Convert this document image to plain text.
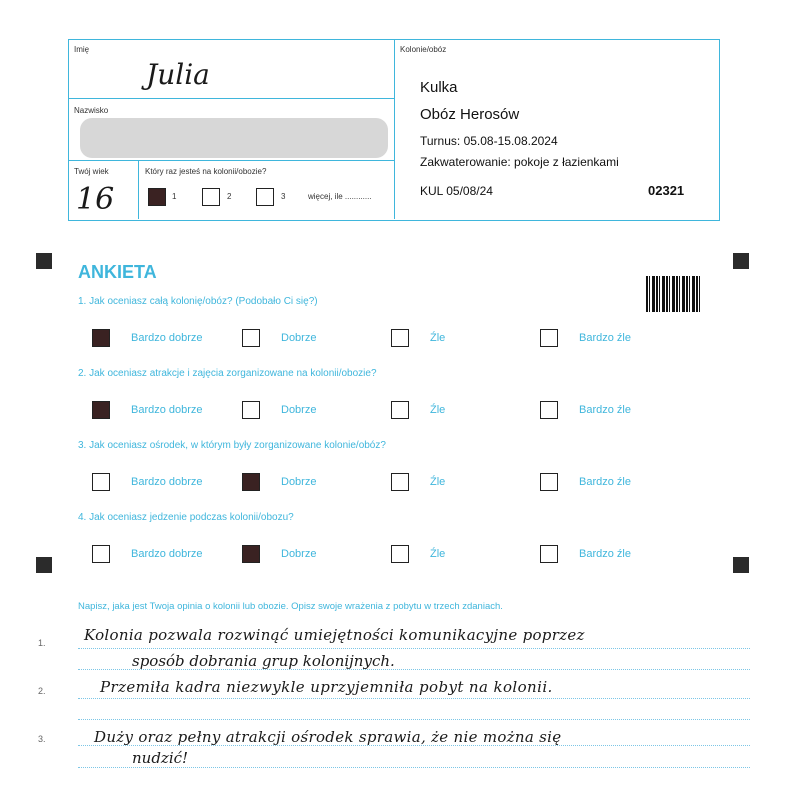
Imię
Julia
Nazwisko
Twój wiek
16
Który raz jesteś na kolonii/obozie?
1	2	3	więcej, ile ............
Kolonie/obóz
Kulka
Obóz Herosów
Turnus: 05.08-15.08.2024
Zakwaterowanie: pokoje z łazienkami
KUL 05/08/24	02321
ANKIETA
1. Jak oceniasz całą kolonię/obóz? (Podobało Ci się?)
Bardzo dobrze	Dobrze	Źle	Bardzo źle
2. Jak oceniasz atrakcje i zajęcia zorganizowane na kolonii/obozie?
Bardzo dobrze	Dobrze	Źle	Bardzo źle
3. Jak oceniasz ośrodek, w którym były zorganizowane kolonie/obóz?
Bardzo dobrze	Dobrze	Źle	Bardzo źle
4. Jak oceniasz jedzenie podczas kolonii/obozu?
Bardzo dobrze	Dobrze	Źle	Bardzo źle
Napisz, jaka jest Twoja opinia o kolonii lub obozie. Opisz swoje wrażenia z pobytu w trzech zdaniach.
1.
2.
3.
Kolonia pozwala rozwinąć umiejętności komunikacyjne poprzez
sposób dobrania grup kolonijnych.
Przemiła kadra niezwykle uprzyjemniła pobyt na kolonii.
Duży oraz pełny atrakcji ośrodek sprawia, że nie można się
nudzić!
